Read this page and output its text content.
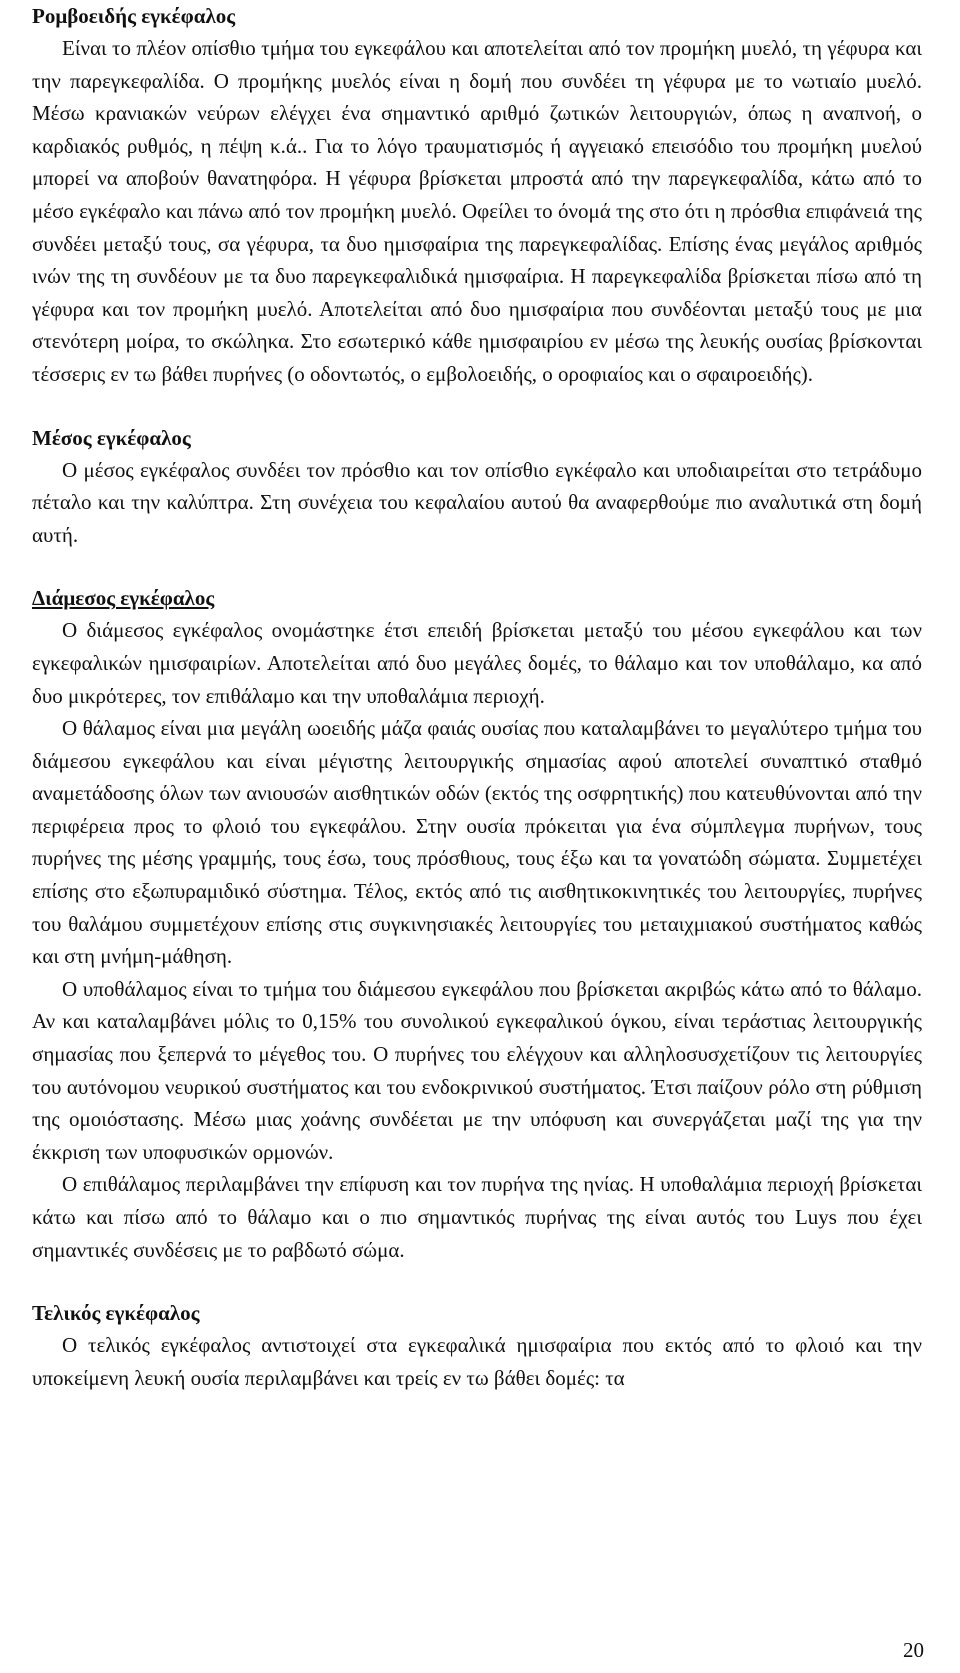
Ρομβοειδής εγκέφαλος

Είναι το πλέον οπίσθιο τμήμα του εγκεφάλου και αποτελείται από τον προμήκη μυελό, τη γέφυρα και την παρεγκεφαλίδα. Ο προμήκης μυελός είναι η δομή που συνδέει τη γέφυρα με το νωτιαίο μυελό. Μέσω κρανιακών νεύρων ελέγχει ένα σημαντικό αριθμό ζωτικών λειτουργιών, όπως η αναπνοή, ο καρδιακός ρυθμός, η πέψη κ.ά.. Για το λόγο τραυματισμός ή αγγειακό επεισόδιο του προμήκη μυελού μπορεί να αποβούν θανατηφόρα. Η γέφυρα βρίσκεται μπροστά από την παρεγκεφαλίδα, κάτω από το μέσο εγκέφαλο και πάνω από τον προμήκη μυελό. Οφείλει το όνομά της στο ότι η πρόσθια επιφάνειά της συνδέει μεταξύ τους, σα γέφυρα, τα δυο ημισφαίρια της παρεγκεφαλίδας. Επίσης ένας μεγάλος αριθμός ινών της τη συνδέουν με τα δυο παρεγκεφαλιδικά ημισφαίρια. Η παρεγκεφαλίδα βρίσκεται πίσω από τη γέφυρα και τον προμήκη μυελό. Αποτελείται από δυο ημισφαίρια που συνδέονται μεταξύ τους με μια στενότερη μοίρα, το σκώληκα. Στο εσωτερικό κάθε ημισφαιρίου εν μέσω της λευκής ουσίας βρίσκονται τέσσερις εν τω βάθει πυρήνες (ο οδοντωτός, ο εμβολοειδής, ο οροφιαίος και ο σφαιροειδής).

Μέσος εγκέφαλος

Ο μέσος εγκέφαλος συνδέει τον πρόσθιο και τον οπίσθιο εγκέφαλο και υποδιαιρείται στο τετράδυμο πέταλο και την καλύπτρα. Στη συνέχεια του κεφαλαίου αυτού θα αναφερθούμε πιο αναλυτικά στη δομή αυτή.

Διάμεσος εγκέφαλος

Ο διάμεσος εγκέφαλος ονομάστηκε έτσι επειδή βρίσκεται μεταξύ του μέσου εγκεφάλου και των εγκεφαλικών ημισφαιρίων. Αποτελείται από δυο μεγάλες δομές, το θάλαμο και τον υποθάλαμο, κα από δυο μικρότερες, τον επιθάλαμο και την υποθαλάμια περιοχή.

Ο θάλαμος είναι μια μεγάλη ωοειδής μάζα φαιάς ουσίας που καταλαμβάνει το μεγαλύτερο τμήμα του διάμεσου εγκεφάλου και είναι μέγιστης λειτουργικής σημασίας αφού αποτελεί συναπτικό σταθμό αναμετάδοσης όλων των ανιουσών αισθητικών οδών (εκτός της οσφρητικής) που κατευθύνονται από την περιφέρεια προς το φλοιό του εγκεφάλου. Στην ουσία πρόκειται για ένα σύμπλεγμα πυρήνων, τους πυρήνες της μέσης γραμμής, τους έσω, τους πρόσθιους, τους έξω και τα γονατώδη σώματα. Συμμετέχει επίσης στο εξωπυραμιδικό σύστημα. Τέλος, εκτός από τις αισθητικοκινητικές του λειτουργίες, πυρήνες του θαλάμου συμμετέχουν επίσης στις συγκινησιακές λειτουργίες του μεταιχμιακού συστήματος καθώς και στη μνήμη-μάθηση.

Ο υποθάλαμος είναι το τμήμα του διάμεσου εγκεφάλου που βρίσκεται ακριβώς κάτω από το θάλαμο. Αν και καταλαμβάνει μόλις το 0,15% του συνολικού εγκεφαλικού όγκου, είναι τεράστιας λειτουργικής σημασίας που ξεπερνά το μέγεθος του. Ο πυρήνες του ελέγχουν και αλληλοσυσχετίζουν τις λειτουργίες του αυτόνομου νευρικού συστήματος και του ενδοκρινικού συστήματος. Έτσι παίζουν ρόλο στη ρύθμιση της ομοιόστασης. Μέσω μιας χοάνης συνδέεται με την υπόφυση και συνεργάζεται μαζί της για την έκκριση των υποφυσικών ορμονών.

Ο επιθάλαμος περιλαμβάνει την επίφυση και τον πυρήνα της ηνίας. Η υποθαλάμια περιοχή βρίσκεται κάτω και πίσω από το θάλαμο και ο πιο σημαντικός πυρήνας της είναι αυτός του Luys που έχει σημαντικές συνδέσεις με το ραβδωτό σώμα.

Τελικός εγκέφαλος

Ο τελικός εγκέφαλος αντιστοιχεί στα εγκεφαλικά ημισφαίρια που εκτός από το φλοιό και την υποκείμενη λευκή ουσία περιλαμβάνει και τρείς εν τω βάθει δομές: τα

20
